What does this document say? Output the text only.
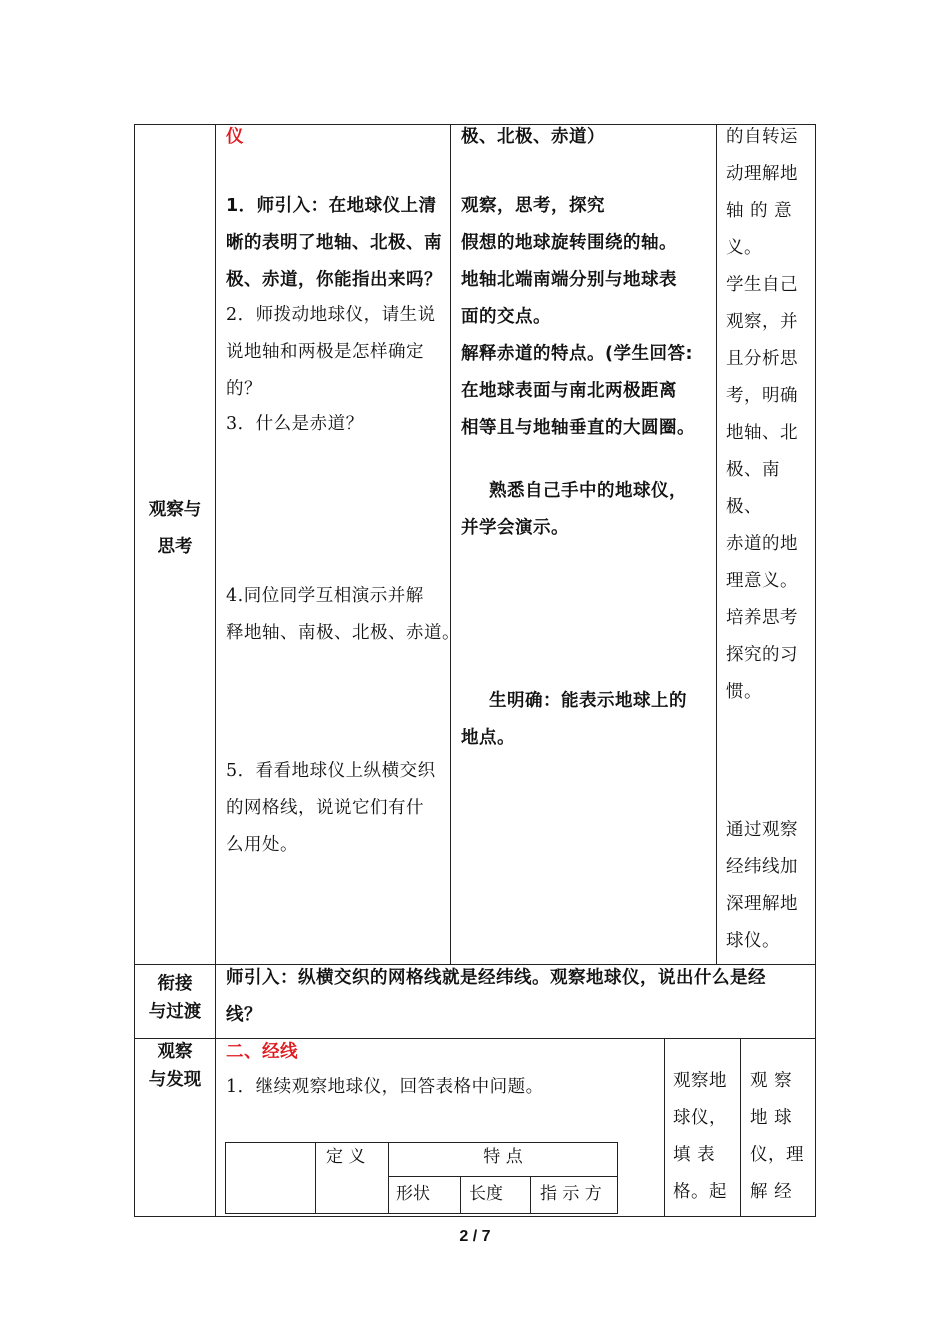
观察与
思考
衔接
与过渡
观察
与发现
仪
1．师引入：在地球仪上清
晰的表明了地轴、北极、南
极、赤道，你能指出来吗？
2．师拨动地球仪，请生说
说地轴和两极是怎样确定
的？
3．什么是赤道？
4.同位同学互相演示并解
释地轴、南极、北极、赤道。
5．看看地球仪上纵横交织
的网格线，说说它们有什
么用处。
极、北极、赤道）
观察，思考，探究
假想的地球旋转围绕的轴。
地轴北端南端分别与地球表
面的交点。
解释赤道的特点。(学生回答:
在地球表面与南北两极距离
相等且与地轴垂直的大圆圈。
熟悉自己手中的地球仪，
并学会演示。
生明确：能表示地球上的
地点。
的自转运
动理解地
轴 的 意
义。
学生自己
观察，并
且分析思
考，明确
地轴、北
极、南极、
赤道的地
理意义。
培养思考
探究的习
惯。
通过观察
经纬线加
深理解地
球仪。
师引入：纵横交织的网格线就是经纬线。观察地球仪，说出什么是经
线？
二、经线
1．继续观察地球仪，回答表格中问题。
定 义	特 点
形状 长度 指 示 方
观察地
球仪，
填 表
格。起
观 察
地 球
仪，理
解 经
2 / 7
